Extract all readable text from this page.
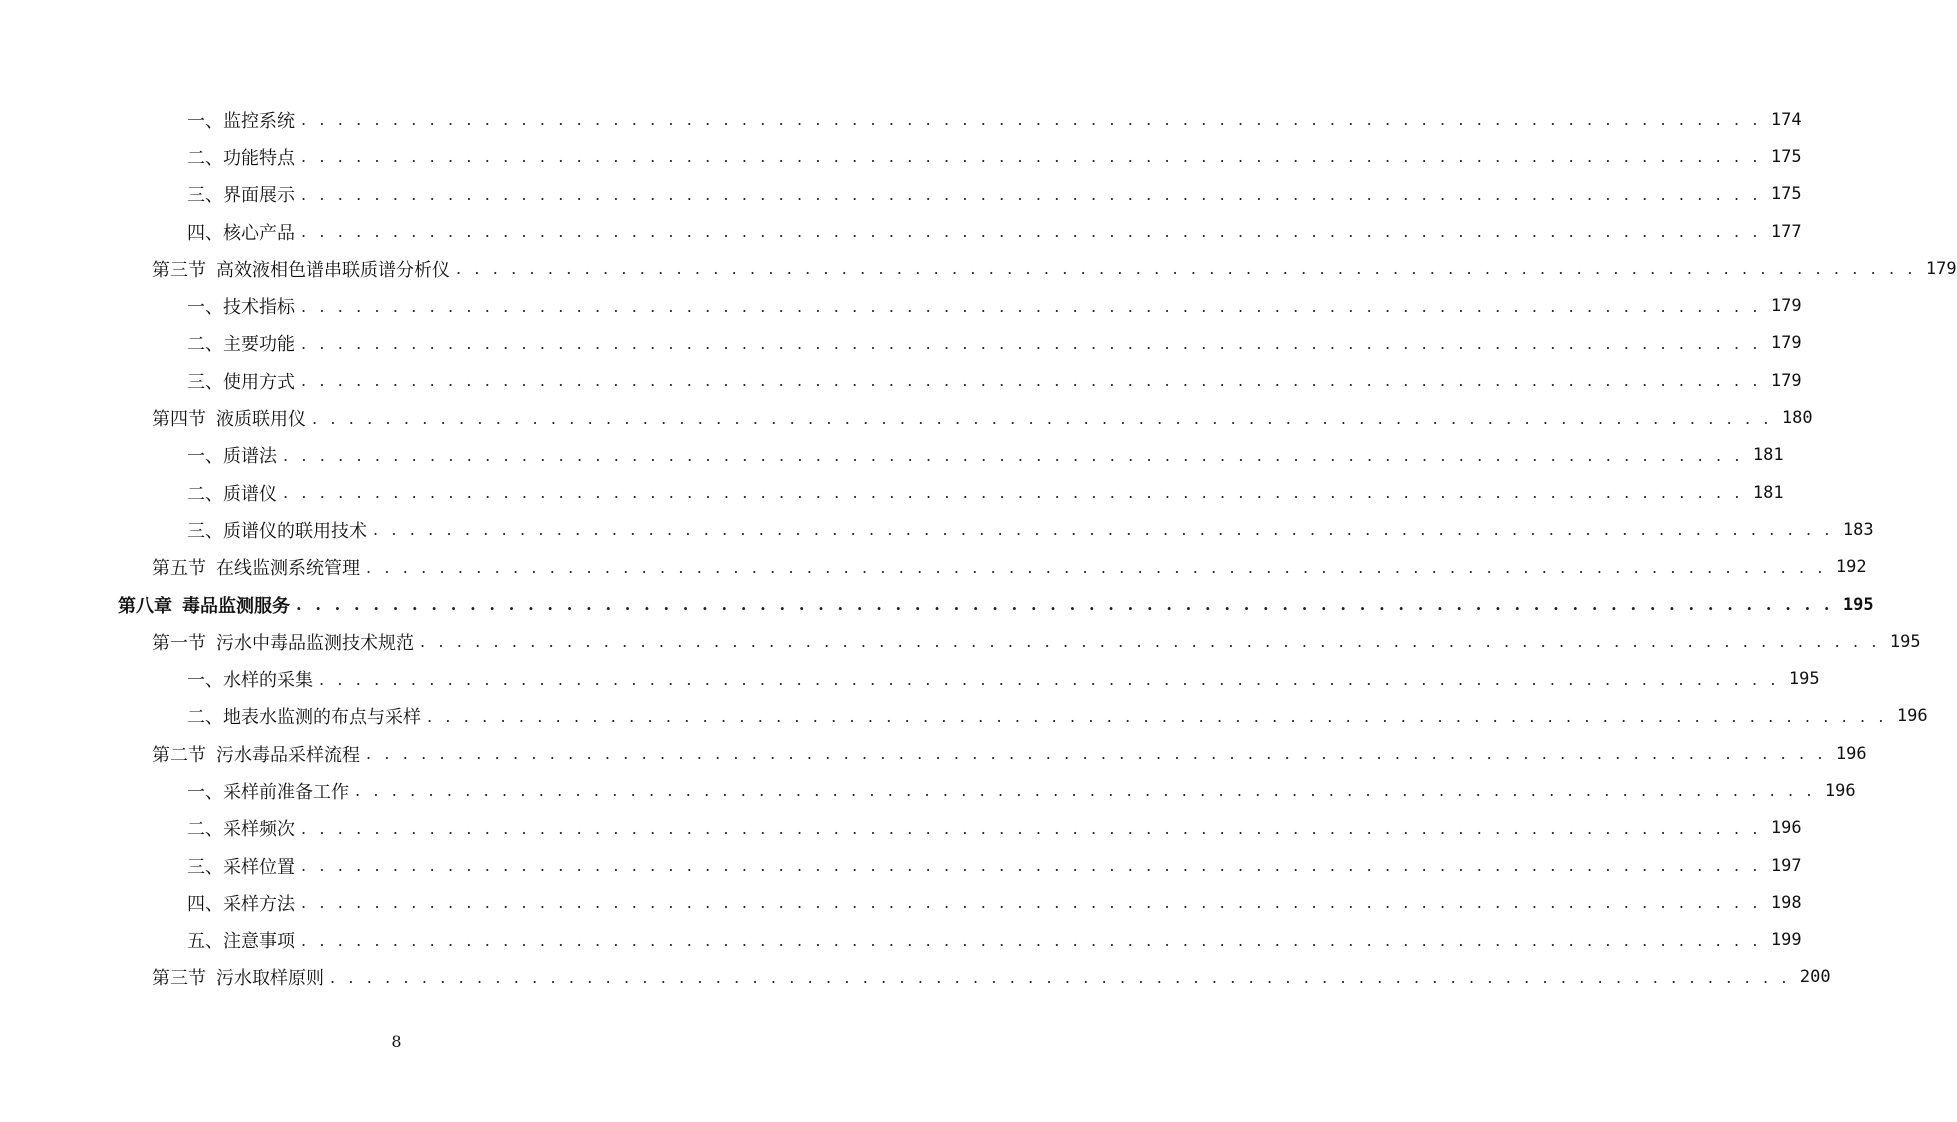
一、监控系统 . . . . . . . . . . . . . . . . . . . . . . . . . . . . . . . . . . . . . . . . . . . . . . . . . . . . . . . . . . . . . . . . . . . . . . . . . . . . . . . . 174
二、功能特点 . . . . . . . . . . . . . . . . . . . . . . . . . . . . . . . . . . . . . . . . . . . . . . . . . . . . . . . . . . . . . . . . . . . . . . . . . . . . . . . . 175
三、界面展示 . . . . . . . . . . . . . . . . . . . . . . . . . . . . . . . . . . . . . . . . . . . . . . . . . . . . . . . . . . . . . . . . . . . . . . . . . . . . . . . . 175
四、核心产品 . . . . . . . . . . . . . . . . . . . . . . . . . . . . . . . . . . . . . . . . . . . . . . . . . . . . . . . . . . . . . . . . . . . . . . . . . . . . . . . . 177
第三节 高效液相色谱串联质谱分析仪 . . . . . . . . . . . . . . . . . . . . . . . . . . . . . . . . . . . . . . . . . . . . . . . . . . . . . . . . . . . . . . . . . . . . . . . . . . . . . . . . 179
一、技术指标 . . . . . . . . . . . . . . . . . . . . . . . . . . . . . . . . . . . . . . . . . . . . . . . . . . . . . . . . . . . . . . . . . . . . . . . . . . . . . . . . 179
二、主要功能 . . . . . . . . . . . . . . . . . . . . . . . . . . . . . . . . . . . . . . . . . . . . . . . . . . . . . . . . . . . . . . . . . . . . . . . . . . . . . . . . 179
三、使用方式 . . . . . . . . . . . . . . . . . . . . . . . . . . . . . . . . . . . . . . . . . . . . . . . . . . . . . . . . . . . . . . . . . . . . . . . . . . . . . . . . 179
第四节 液质联用仪 . . . . . . . . . . . . . . . . . . . . . . . . . . . . . . . . . . . . . . . . . . . . . . . . . . . . . . . . . . . . . . . . . . . . . . . . . . . . . . . . 180
一、质谱法 . . . . . . . . . . . . . . . . . . . . . . . . . . . . . . . . . . . . . . . . . . . . . . . . . . . . . . . . . . . . . . . . . . . . . . . . . . . . . . . . 181
二、质谱仪 . . . . . . . . . . . . . . . . . . . . . . . . . . . . . . . . . . . . . . . . . . . . . . . . . . . . . . . . . . . . . . . . . . . . . . . . . . . . . . . . 181
三、质谱仪的联用技术 . . . . . . . . . . . . . . . . . . . . . . . . . . . . . . . . . . . . . . . . . . . . . . . . . . . . . . . . . . . . . . . . . . . . . . . . . . . . . . . . 183
第五节 在线监测系统管理 . . . . . . . . . . . . . . . . . . . . . . . . . . . . . . . . . . . . . . . . . . . . . . . . . . . . . . . . . . . . . . . . . . . . . . . . . . . . . . . . 192
第八章 毒品监测服务 . . . . . . . . . . . . . . . . . . . . . . . . . . . . . . . . . . . . . . . . . . . . . . . . . . . . . . . . . . . . . . . . . . . . . . . . . . . . . . . . 195
第一节 污水中毒品监测技术规范 . . . . . . . . . . . . . . . . . . . . . . . . . . . . . . . . . . . . . . . . . . . . . . . . . . . . . . . . . . . . . . . . . . . . . . . . . . . . . . . . 195
一、水样的采集 . . . . . . . . . . . . . . . . . . . . . . . . . . . . . . . . . . . . . . . . . . . . . . . . . . . . . . . . . . . . . . . . . . . . . . . . . . . . . . . . 195
二、地表水监测的布点与采样 . . . . . . . . . . . . . . . . . . . . . . . . . . . . . . . . . . . . . . . . . . . . . . . . . . . . . . . . . . . . . . . . . . . . . . . . . . . . . . . . 196
第二节 污水毒品采样流程 . . . . . . . . . . . . . . . . . . . . . . . . . . . . . . . . . . . . . . . . . . . . . . . . . . . . . . . . . . . . . . . . . . . . . . . . . . . . . . . . 196
一、采样前准备工作 . . . . . . . . . . . . . . . . . . . . . . . . . . . . . . . . . . . . . . . . . . . . . . . . . . . . . . . . . . . . . . . . . . . . . . . . . . . . . . . . 196
二、采样频次 . . . . . . . . . . . . . . . . . . . . . . . . . . . . . . . . . . . . . . . . . . . . . . . . . . . . . . . . . . . . . . . . . . . . . . . . . . . . . . . . 196
三、采样位置 . . . . . . . . . . . . . . . . . . . . . . . . . . . . . . . . . . . . . . . . . . . . . . . . . . . . . . . . . . . . . . . . . . . . . . . . . . . . . . . . 197
四、采样方法 . . . . . . . . . . . . . . . . . . . . . . . . . . . . . . . . . . . . . . . . . . . . . . . . . . . . . . . . . . . . . . . . . . . . . . . . . . . . . . . . 198
五、注意事项 . . . . . . . . . . . . . . . . . . . . . . . . . . . . . . . . . . . . . . . . . . . . . . . . . . . . . . . . . . . . . . . . . . . . . . . . . . . . . . . . 199
第三节 污水取样原则 . . . . . . . . . . . . . . . . . . . . . . . . . . . . . . . . . . . . . . . . . . . . . . . . . . . . . . . . . . . . . . . . . . . . . . . . . . . . . . . . 200
8
